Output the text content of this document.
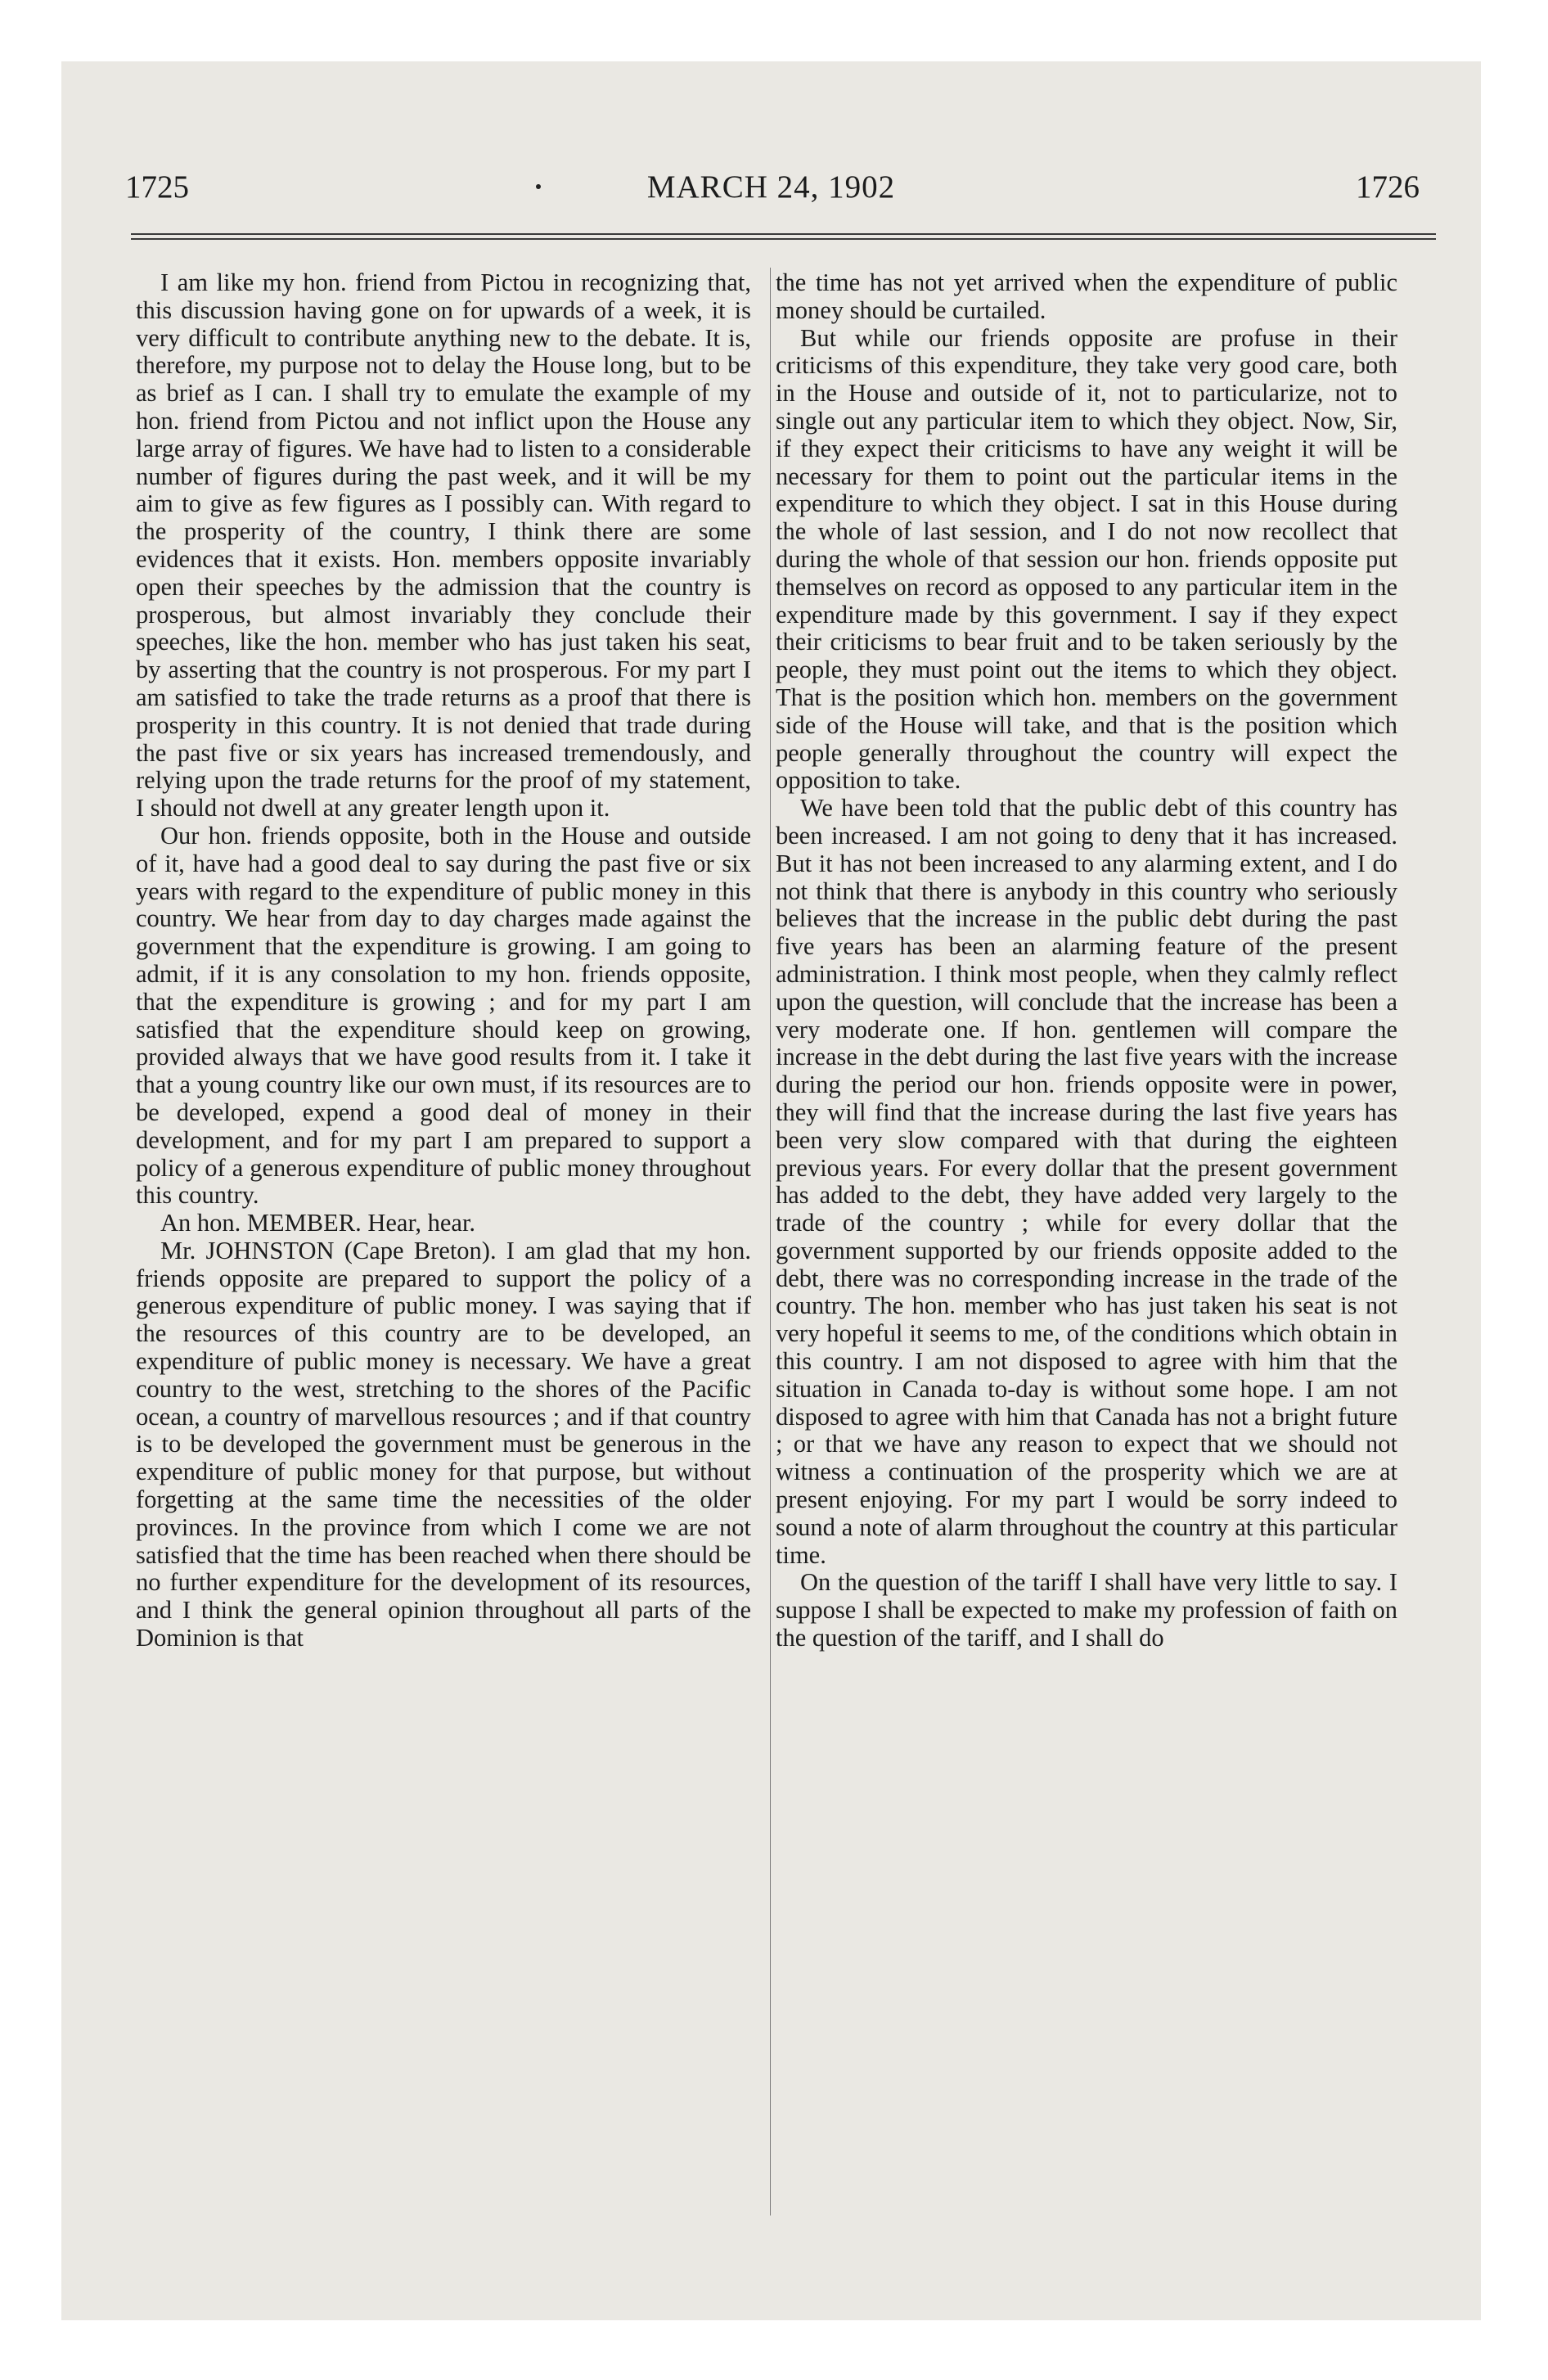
1725	MARCH 24, 1902	1726

I am like my hon. friend from Pictou in recognizing that, this discussion having gone on for upwards of a week, it is very difficult to contribute anything new to the debate. It is, therefore, my purpose not to delay the House long, but to be as brief as I can. I shall try to emulate the example of my hon. friend from Pictou and not inflict upon the House any large array of figures. We have had to listen to a considerable number of figures during the past week, and it will be my aim to give as few figures as I possibly can. With regard to the prosperity of the country, I think there are some evidences that it exists. Hon. members opposite invariably open their speeches by the admission that the country is prosperous, but almost invariably they conclude their speeches, like the hon. member who has just taken his seat, by asserting that the country is not prosperous. For my part I am satisfied to take the trade returns as a proof that there is prosperity in this country. It is not denied that trade during the past five or six years has increased tremendously, and relying upon the trade returns for the proof of my statement, I should not dwell at any greater length upon it.

Our hon. friends opposite, both in the House and outside of it, have had a good deal to say during the past five or six years with regard to the expenditure of public money in this country. We hear from day to day charges made against the government that the expenditure is growing. I am going to admit, if it is any consolation to my hon. friends opposite, that the expenditure is growing ; and for my part I am satisfied that the expenditure should keep on growing, provided always that we have good results from it. I take it that a young country like our own must, if its resources are to be developed, expend a good deal of money in their development, and for my part I am prepared to support a policy of a generous expenditure of public money throughout this country.

An hon. MEMBER. Hear, hear.

Mr. JOHNSTON (Cape Breton). I am glad that my hon. friends opposite are prepared to support the policy of a generous expenditure of public money. I was saying that if the resources of this country are to be developed, an expenditure of public money is necessary. We have a great country to the west, stretching to the shores of the Pacific ocean, a country of marvellous resources ; and if that country is to be developed the government must be generous in the expenditure of public money for that purpose, but without forgetting at the same time the necessities of the older provinces. In the province from which I come we are not satisfied that the time has been reached when there should be no further expenditure for the development of its resources, and I think the general opinion throughout all parts of the Dominion is that

the time has not yet arrived when the expenditure of public money should be curtailed.

But while our friends opposite are profuse in their criticisms of this expenditure, they take very good care, both in the House and outside of it, not to particularize, not to single out any particular item to which they object. Now, Sir, if they expect their criticisms to have any weight it will be necessary for them to point out the particular items in the expenditure to which they object. I sat in this House during the whole of last session, and I do not now recollect that during the whole of that session our hon. friends opposite put themselves on record as opposed to any particular item in the expenditure made by this government. I say if they expect their criticisms to bear fruit and to be taken seriously by the people, they must point out the items to which they object. That is the position which hon. members on the government side of the House will take, and that is the position which people generally throughout the country will expect the opposition to take.

We have been told that the public debt of this country has been increased. I am not going to deny that it has increased. But it has not been increased to any alarming extent, and I do not think that there is anybody in this country who seriously believes that the increase in the public debt during the past five years has been an alarming feature of the present administration. I think most people, when they calmly reflect upon the question, will conclude that the increase has been a very moderate one. If hon. gentlemen will compare the increase in the debt during the last five years with the increase during the period our hon. friends opposite were in power, they will find that the increase during the last five years has been very slow compared with that during the eighteen previous years. For every dollar that the present government has added to the debt, they have added very largely to the trade of the country ; while for every dollar that the government supported by our friends opposite added to the debt, there was no corresponding increase in the trade of the country. The hon. member who has just taken his seat is not very hopeful it seems to me, of the conditions which obtain in this country. I am not disposed to agree with him that the situation in Canada to-day is without some hope. I am not disposed to agree with him that Canada has not a bright future ; or that we have any reason to expect that we should not witness a continuation of the prosperity which we are at present enjoying. For my part I would be sorry indeed to sound a note of alarm throughout the country at this particular time.

On the question of the tariff I shall have very little to say. I suppose I shall be expected to make my profession of faith on the question of the tariff, and I shall do
